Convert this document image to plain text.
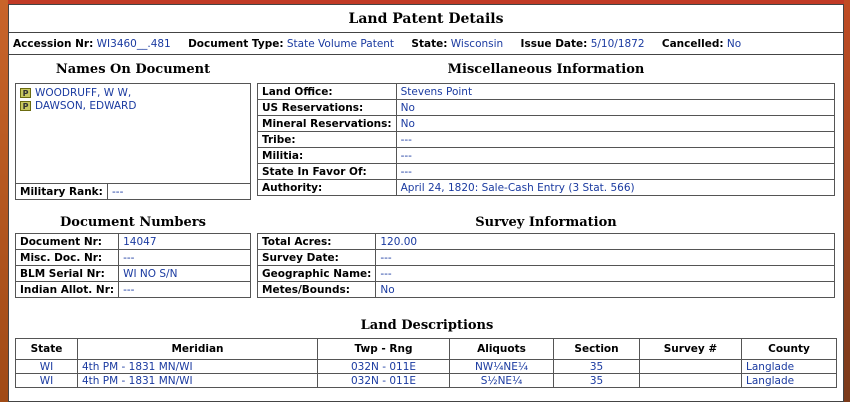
Land Patent Details
Accession Nr: WI3460__.481 Document Type: State Volume Patent State: Wisconsin Issue Date: 5/10/1872 Cancelled: No
Names On Document
P WOODRUFF, W W,
P DAWSON, EDWARD
Military Rank:	---
Miscellaneous Information
Land Office:	Stevens Point
US Reservations:	No
Mineral Reservations:	No
Tribe:	---
Militia:	---
State In Favor Of:	---
Authority:	April 24, 1820: Sale-Cash Entry (3 Stat. 566)
Document Numbers
Document Nr:	14047
Misc. Doc. Nr:	---
BLM Serial Nr:	WI NO S/N
Indian Allot. Nr:	---
Survey Information
Total Acres:	120.00
Survey Date:	---
Geographic Name:	---
Metes/Bounds:	No
Land Descriptions
State	Meridian	Twp - Rng	Aliquots	Section	Survey #	County
WI	4th PM - 1831 MN/WI	032N - 011E	NW¼NE¼	35		Langlade
WI	4th PM - 1831 MN/WI	032N - 011E	S½NE¼	35		Langlade
